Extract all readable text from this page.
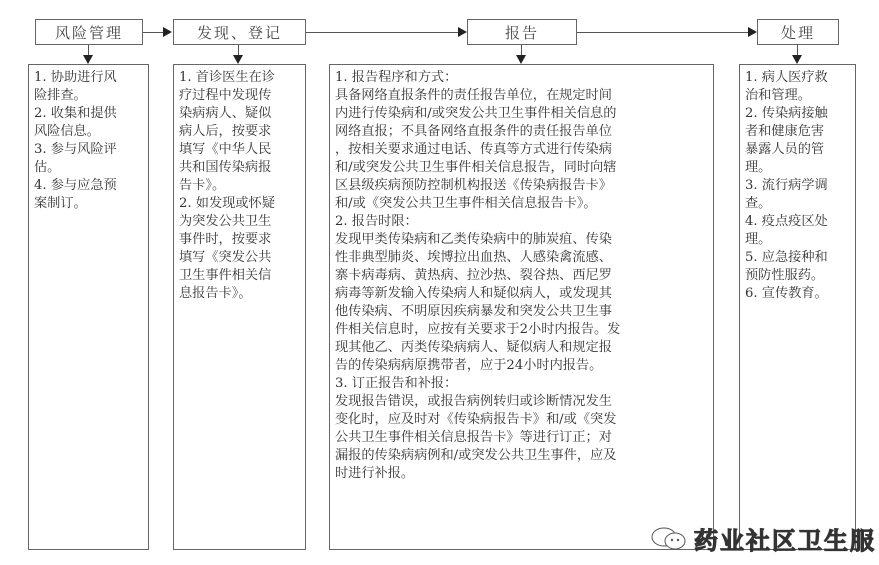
风险管理	发现、登记	报告	处理
1. 协助进行风
险排查。
2. 收集和提供
风险信息。
3. 参与风险评
估。
4. 参与应急预
案制订。
1. 首诊医生在诊
疗过程中发现传
染病病人、疑似
病人后，按要求
填写《中华人民
共和国传染病报
告卡》。
2. 如发现或怀疑
为突发公共卫生
事件时，按要求
填写《突发公共
卫生事件相关信
息报告卡》。
1. 报告程序和方式：
具备网络直报条件的责任报告单位，在规定时间
内进行传染病和/或突发公共卫生事件相关信息的
网络直报；不具备网络直报条件的责任报告单位
，按相关要求通过电话、传真等方式进行传染病
和/或突发公共卫生事件相关信息报告，同时向辖
区县级疾病预防控制机构报送《传染病报告卡》
和/或《突发公共卫生事件相关信息报告卡》。
2. 报告时限：
发现甲类传染病和乙类传染病中的肺炭疽、传染
性非典型肺炎、埃博拉出血热、人感染禽流感、
寨卡病毒病、黄热病、拉沙热、裂谷热、西尼罗
病毒等新发输入传染病人和疑似病人，或发现其
他传染病、不明原因疾病暴发和突发公共卫生事
件相关信息时，应按有关要求于2小时内报告。发
现其他乙、丙类传染病病人、疑似病人和规定报
告的传染病病原携带者，应于24小时内报告。
3. 订正报告和补报：
发现报告错误，或报告病例转归或诊断情况发生
变化时，应及时对《传染病报告卡》和/或《突发
公共卫生事件相关信息报告卡》等进行订正；对
漏报的传染病病例和/或突发公共卫生事件，应及
时进行补报。
1. 病人医疗救
治和管理。
2. 传染病接触
者和健康危害
暴露人员的管
理。
3. 流行病学调
查。
4. 疫点疫区处
理。
5. 应急接种和
预防性服药。
6. 宣传教育。
药业社区卫生服
